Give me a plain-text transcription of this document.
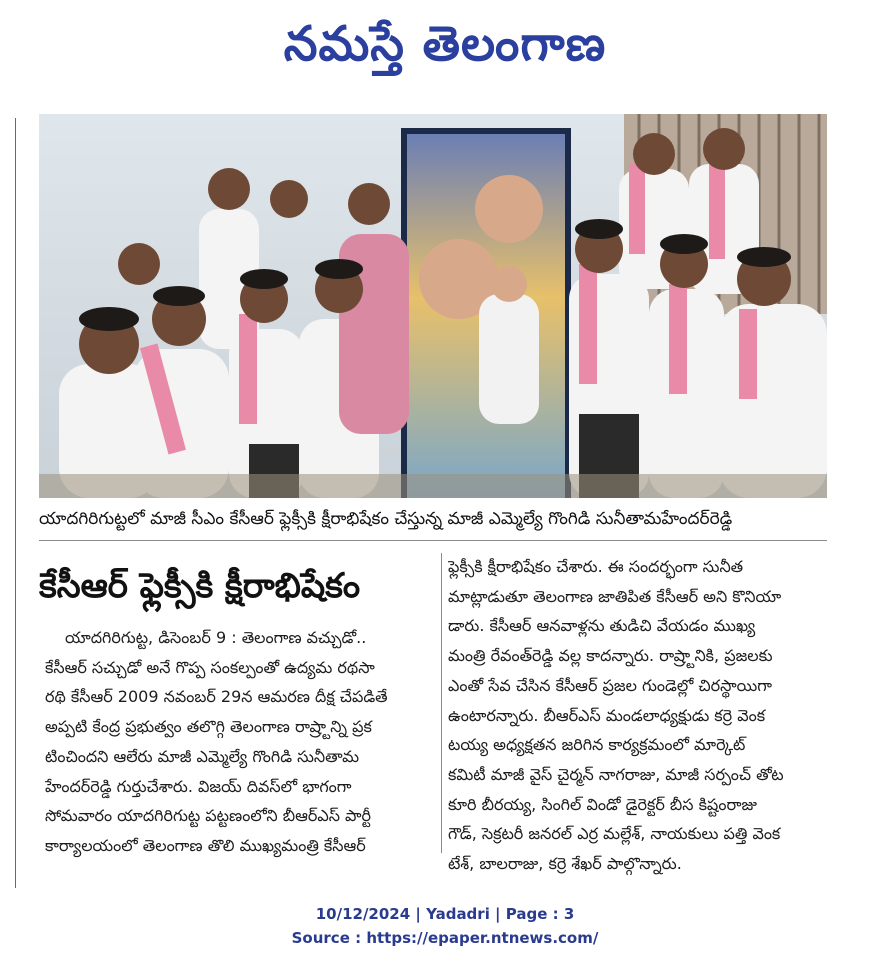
నమస్తే తెలంగాణ
యాదగిరిగుట్టలో మాజీ సీఎం కేసీఆర్ ఫ్లెక్సీకి క్షీరాభిషేకం చేస్తున్న మాజీ ఎమ్మెల్యే గొంగిడి సునీతామహేందర్‌రెడ్డి
కేసీఆర్ ఫ్లెక్సీకి క్షీరాభిషేకం

యాదగిరిగుట్ట, డిసెంబర్ 9 : తెలంగాణ వచ్చుడో..

కేసీఆర్ సచ్చుడో అనే గొప్ప సంకల్పంతో ఉద్యమ రథసా

రథి కేసీఆర్ 2009 నవంబర్ 29న ఆమరణ దీక్ష చేపడితే

అప్పటి కేంద్ర ప్రభుత్వం తలొగ్గి తెలంగాణ రాష్ర్టాన్ని ప్రక

టించిందని ఆలేరు మాజీ ఎమ్మెల్యే గొంగిడి సునీతామ

హేందర్‌రెడ్డి గుర్తుచేశారు. విజయ్ దివస్‌లో భాగంగా

సోమవారం యాదగిరిగుట్ట పట్టణంలోని బీఆర్‌ఎస్ పార్టీ

కార్యాలయంలో తెలంగాణ తొలి ముఖ్యమంత్రి కేసీఆర్

ఫ్లెక్సీకి క్షీరాభిషేకం చేశారు. ఈ సందర్భంగా సునీత

మాట్లాడుతూ తెలంగాణ జాతిపిత కేసీఆర్ అని కొనియా

డారు. కేసీఆర్ ఆనవాళ్లను తుడిచి వేయడం ముఖ్య

మంత్రి రేవంత్‌రెడ్డి వల్ల కాదన్నారు. రాష్ర్టానికి, ప్రజలకు

ఎంతో సేవ చేసిన కేసీఆర్ ప్రజల గుండెల్లో చిరస్థాయిగా

ఉంటారన్నారు. బీఆర్‌ఎస్ మండలాధ్యక్షుడు కర్రె వెంక

టయ్య అధ్యక్షతన జరిగిన కార్యక్రమంలో మార్కెట్

కమిటీ మాజీ వైస్ చైర్మన్ నాగరాజు, మాజీ సర్పంచ్ తోట

కూరి బీరయ్య, సింగిల్ విండో డైరెక్టర్ బీస కిష్టంరాజు

గౌడ్, సెక్రటరీ జనరల్ ఎర్ర మల్లేశ్, నాయకులు పత్తి వెంక

టేశ్, బాలరాజు, కర్రె శేఖర్ పాల్గొన్నారు.

10/12/2024 | Yadadri | Page : 3
Source : https://epaper.ntnews.com/
